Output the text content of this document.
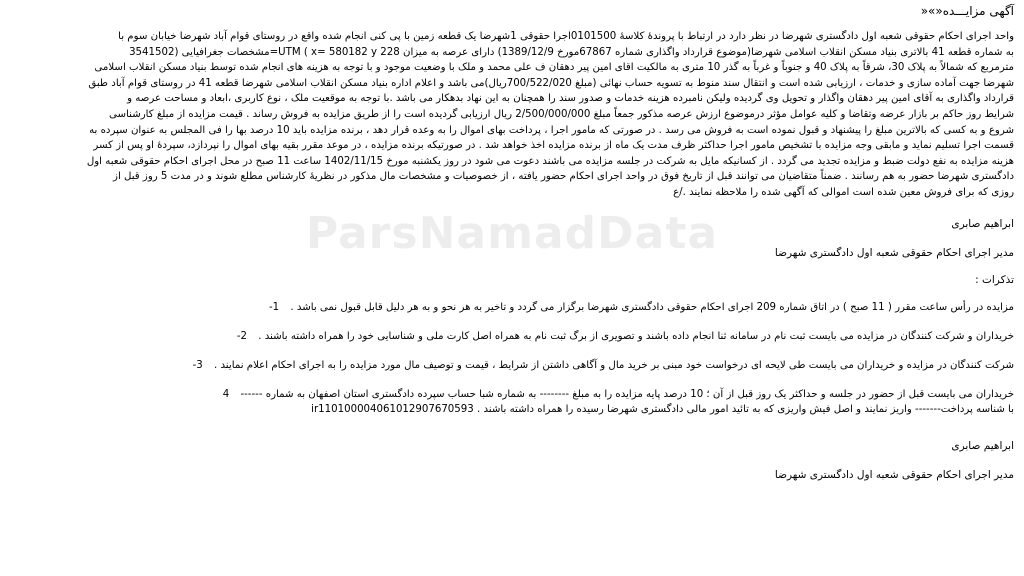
ParsNamadData

آگهی مزایـــده«»«

واحد اجرای احکام حقوقی شعبه اول دادگستری شهرضا در نظر دارد در ارتباط با پروندۀ کلاسۀ 0101500اجرا حقوقی 1شهرضا یک قطعه زمین با پی کنی انجام شده واقع در روستای قوام آباد شهرضا خیابان سوم با

به شماره قطعه 41 بالاتری بنیاد مسکن انقلاب اسلامی شهرضا(موضوع قرارداد واگذاری شماره 67867مورخ 1389/12/9) دارای عرصه به میزان 228 UTM ( x= 580182 y=مشخصات جغرافیایی (3541502

مترمربع که شمالاً به پلاک 30، شرقاً به پلاک 40 و جنوباً و غرباً به گذر 10 متری به مالکیت اقای امین پیر دهقان ف علی محمد و ملک با وضعیت موجود و با توجه به هزینه های انجام شده توسط بنیاد مسکن انقلاب اسلامی

شهرضا جهت آماده سازی و خدمات ، ارزیابی شده است و انتقال سند منوط به تسویه حساب نهائی (مبلغ 700/522/020ریال)می باشد و اعلام اداره بنیاد مسکن انقلاب اسلامی شهرضا قطعه 41 در روستای قوام آباد طبق

قرارداد واگذاری به آقای امین پیر دهقان واگذار و تحویل وی گردیده ولیکن نامبرده هزینه خدمات و صدور سند را همچنان به این نهاد بدهکار می باشد .با توجه به موقعیت ملک ، نوع کاربری ،ابعاد و مساحت عرصه و

شرایط روز حاکم بر بازار عرضه وتقاضا و کلیه عوامل مؤثر درموضوع ارزش عرصه مذکور جمعاً مبلغ 2/500/000/000 ریال ارزیابی گردیده است را از طریق مزایده به فروش رساند . قیمت مزایده از مبلغ کارشناسی

شروع و به کسی که بالاترین مبلغ را پیشنهاد و قبول نموده است به فروش می رسد . در صورتی که مامور اجرا ، پرداخت بهای اموال را به وعده قرار دهد ، برنده مزایده باید 10 درصد بها را فی المجلس به عنوان سپرده به

قسمت اجرا تسلیم نماید و مابقی وجه مزایده با تشخیص مامور اجرا حداکثر ظرف مدت یک ماه از برنده مزایده اخذ خواهد شد . در صورتیکه برنده مزایده ، در موعد مقرر بقیه بهای اموال را نپردازد، سپردۀ او پس از کسر

هزینه مزایده به نفع دولت ضبط و مزایده تجدید می گردد . از کسانیکه مایل به شرکت در جلسه مزایده می باشند دعوت می شود در روز یکشنبه مورخ 1402/11/15 ساعت 11 صبح در محل اجرای احکام حقوقی شعبه اول

دادگستری شهرضا حضور به هم رسانند . ضمناً متقاضیان می توانند قبل از تاریخ فوق در واحد اجرای احکام حضور یافته ، از خصوصیات و مشخصات مال مذکور در نظریۀ کارشناس مطلع شوند و در مدت 5 روز قبل از

روزی که برای فروش معین شده است اموالی که آگهی شده را ملاحظه نمایند ./ع

ابراهیم صابری

مدیر اجرای احکام حقوقی شعبه اول دادگستری شهرضا

تذکرات :

مزایده در رأس ساعت مقرر ( 11 صبح ) در اتاق شماره 209 اجرای احکام حقوقی دادگستری شهرضا برگزار می گردد و تاخیر به هر نحو و به هر دلیل قابل قبول نمی باشد . 1-

خریداران و شرکت کنندگان در مزایده می بایست ثبت نام در سامانه ثنا انجام داده باشند و تصویری از برگ ثبت نام به همراه اصل کارت ملی و شناسایی خود را همراه داشته باشند . 2-

شرکت کنندگان در مزایده و خریداران می بایست طی لایحه ای درخواست خود مبنی بر خرید مال و آگاهی داشتن از شرایط ، قیمت و توصیف مال مورد مزایده را به اجرای احکام اعلام نمایند . 3-

خریداران می بایست قبل از حضور در جلسه و حداکثر یک روز قبل از آن ؛ 10 درصد پایه مزایده را به مبلغ -------- به شماره شبا حساب سپرده دادگستری استان اصفهان به شماره ------ 4
با شناسه پرداخت------- واریز نمایند و اصل فیش واریزی که به تائید امور مالی دادگستری شهرضا رسیده را همراه داشته باشند . ir110100004061012907670593

ابراهیم صابری

مدیر اجرای احکام حقوقی شعبه اول دادگستری شهرضا
